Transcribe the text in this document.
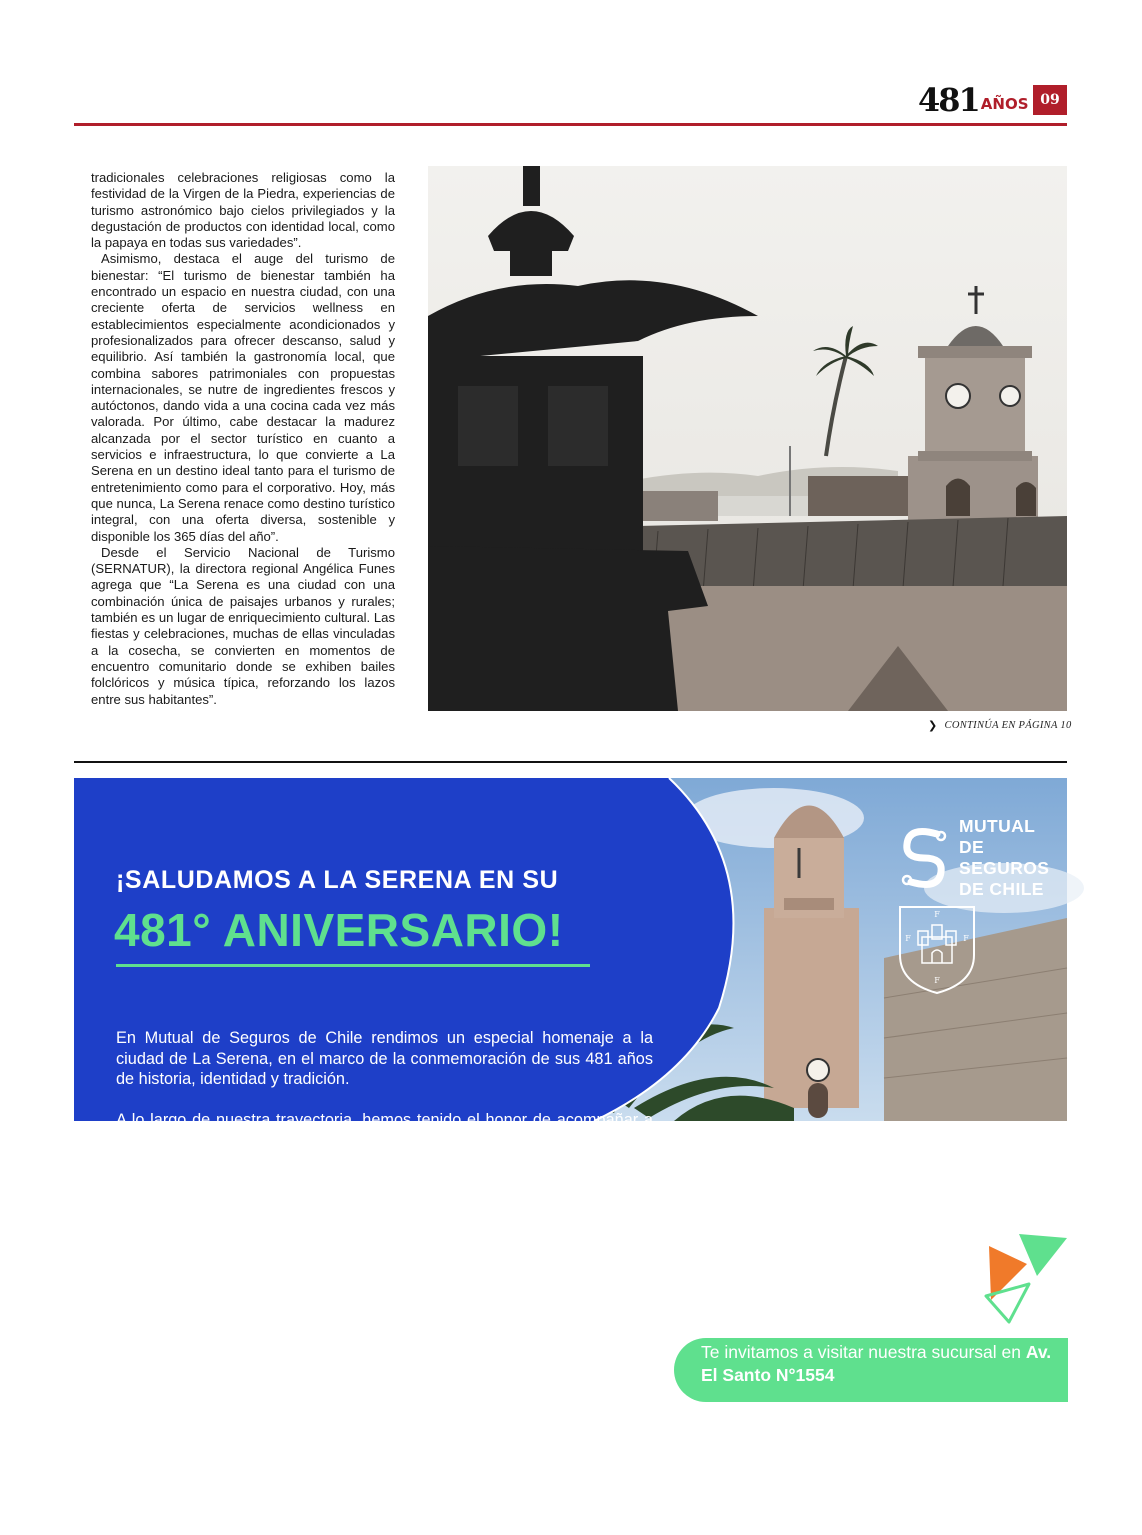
481 AÑOS 09

tradicionales celebraciones religiosas como la festividad de la Virgen de la Piedra, experiencias de turismo astronómico bajo cielos privilegiados y la degustación de productos con identidad local, como la papaya en todas sus variedades”.

Asimismo, destaca el auge del turismo de bienestar: “El turismo de bienestar también ha encontrado un espacio en nuestra ciudad, con una creciente oferta de servicios wellness en establecimientos especialmente acondicionados y profesionalizados para ofrecer descanso, salud y equilibrio. Así también la gastronomía local, que combina sabores patrimoniales con propuestas internacionales, se nutre de ingredientes frescos y autóctonos, dando vida a una cocina cada vez más valorada. Por último, cabe destacar la madurez alcanzada por el sector turístico en cuanto a servicios e infraestructura, lo que convierte a La Serena en un destino ideal tanto para el turismo de entretenimiento como para el corporativo. Hoy, más que nunca, La Serena renace como destino turístico integral, con una oferta diversa, sostenible y disponible los 365 días del año”.

Desde el Servicio Nacional de Turismo (SERNATUR), la directora regional Angélica Funes agrega que “La Serena es una ciudad con una combinación única de paisajes urbanos y rurales; también es un lugar de enriquecimiento cultural. Las fiestas y celebraciones, muchas de ellas vinculadas a la cosecha, se convierten en momentos de encuentro comunitario donde se exhiben bailes folclóricos y música típica, reforzando los lazos entre sus habitantes”.

❯ CONTINÚA EN PÁGINA 10
MUTUAL
DE SEGUROS
DE CHILE
F
F	F
F
¡SALUDAMOS A LA SERENA EN SU
481° ANIVERSARIO!

En Mutual de Seguros de Chile rendimos un especial homenaje a la ciudad de La Serena, en el marco de la conmemoración de sus 481 años de historia, identidad y tradición.

A lo largo de nuestra trayectoria, hemos tenido el honor de acompañar a nuestros asegurados serenenses y sus familias, protegiendo sus sueños y resguardando lo más valioso: su bienestar.

Hoy renovamos nuestro compromiso con esta tierra que nos inspira a seguir construyendo juntos un futuro protegido.

¡Feliz aniversario,
La Serena!
Te invitamos a visitar nuestra sucursal en Av. El Santo N°1554
